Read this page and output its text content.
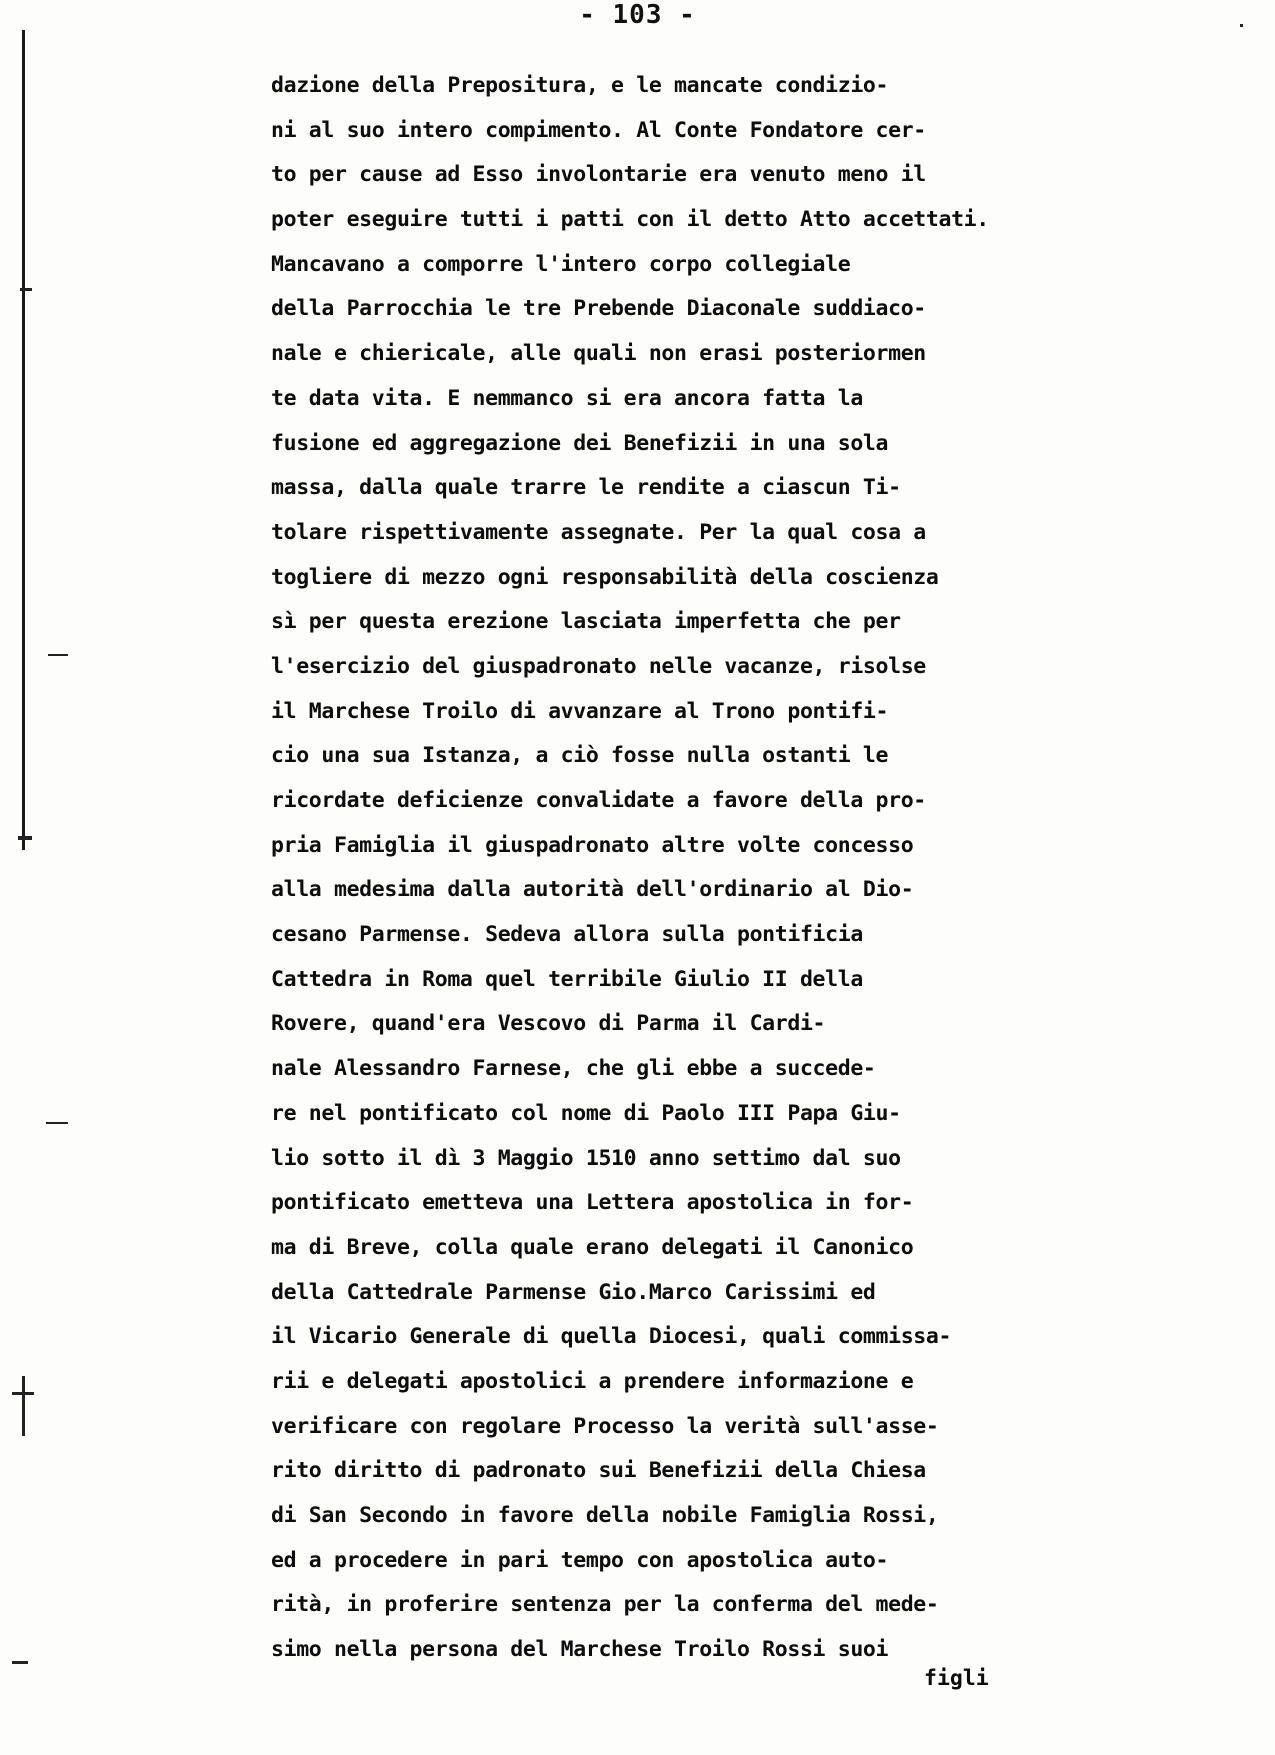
- 103 -
dazione della Prepositura, e le mancate condizio-
ni al suo intero compimento. Al Conte Fondatore cer-
to per cause ad Esso involontarie era venuto meno il
poter eseguire tutti i patti con il detto Atto accettati.
Mancavano a comporre l'intero corpo collegiale
della Parrocchia le tre Prebende Diaconale suddiaco-
nale e chiericale, alle quali non erasi posteriormen
te data vita. E nemmanco si era ancora fatta la
fusione ed aggregazione dei Benefizii in una sola
massa, dalla quale trarre le rendite a ciascun Ti-
tolare rispettivamente assegnate. Per la qual cosa a
togliere di mezzo ogni responsabilità della coscienza
sì per questa erezione lasciata imperfetta che per
l'esercizio del giuspadronato nelle vacanze, risolse
il Marchese Troilo di avvanzare al Trono pontifi-
cio una sua Istanza, a ciò fosse nulla ostanti le
ricordate deficienze convalidate a favore della pro-
pria Famiglia il giuspadronato altre volte concesso
alla medesima dalla autorità dell'ordinario al Dio-
cesano Parmense. Sedeva allora sulla pontificia
Cattedra in Roma quel terribile Giulio II della
Rovere, quand'era Vescovo di Parma il Cardi-
nale Alessandro Farnese, che gli ebbe a succede-
re nel pontificato col nome di Paolo III Papa Giu-
lio sotto il dì 3 Maggio 1510 anno settimo dal suo
pontificato emetteva una Lettera apostolica in for-
ma di Breve, colla quale erano delegati il Canonico
della Cattedrale Parmense Gio.Marco Carissimi ed
il Vicario Generale di quella Diocesi, quali commissa-
rii e delegati apostolici a prendere informazione e
verificare con regolare Processo la verità sull'asse-
rito diritto di padronato sui Benefizii della Chiesa
di San Secondo in favore della nobile Famiglia Rossi,
ed a procedere in pari tempo con apostolica auto-
rità, in proferire sentenza per la conferma del mede-
simo nella persona del Marchese Troilo Rossi suoi
figli
